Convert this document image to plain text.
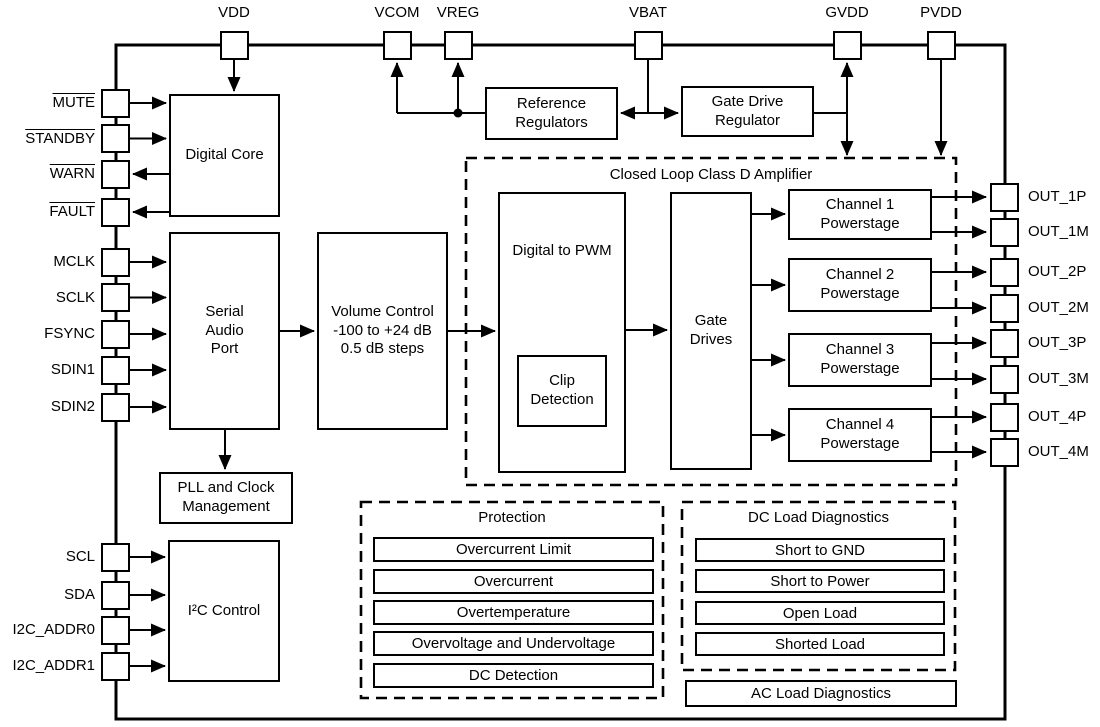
VDD	VCOM	VREG	VBAT	GVDD	PVDD
MUTE
STANDBY
WARN
FAULT
MCLK
SCLK
FSYNC
SDIN1
SDIN2
SCL
SDA
I2C_ADDR0
I2C_ADDR1
OUT_1P
OUT_1M
OUT_2P
OUT_2M
OUT_3P
OUT_3M
OUT_4P
OUT_4M
Digital Core
Serial
Audio
Port
Volume Control
-100 to +24 dB
0.5 dB steps
PLL and Clock
Management
I²C Control
Reference
Regulators
Gate Drive
Regulator
Closed Loop Class D Amplifier
Digital to PWM
Clip
Detection
Gate
Drives
Channel 1
Powerstage
Channel 2
Powerstage
Channel 3
Powerstage
Channel 4
Powerstage
Protection
Overcurrent Limit
Overcurrent
Overtemperature
Overvoltage and Undervoltage
DC Detection
DC Load Diagnostics
Short to GND
Short to Power
Open Load
Shorted Load
AC Load Diagnostics
